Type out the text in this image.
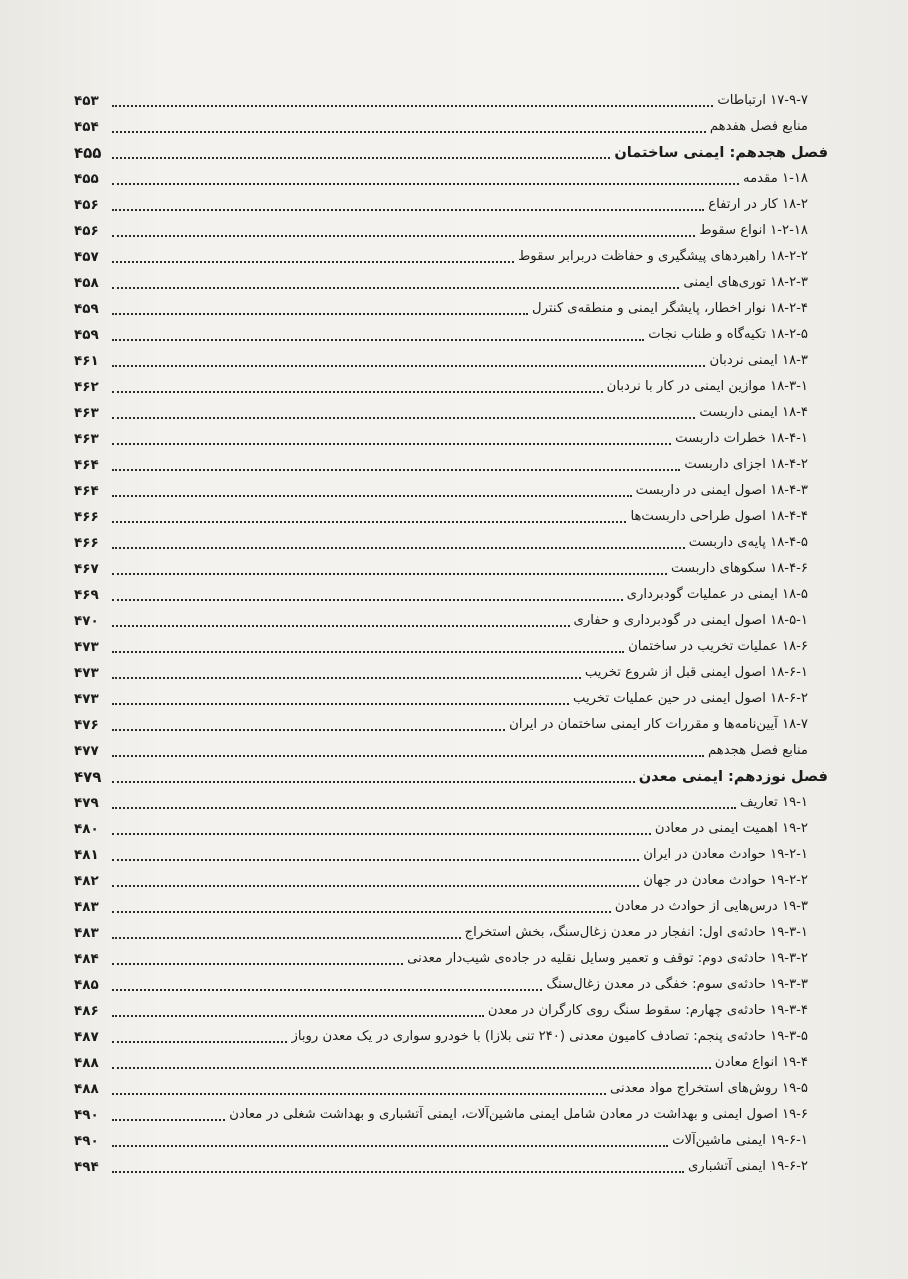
۱۷-۹-۷ ارتباطات
۴۵۳
منابع فصل هفدهم
۴۵۴
فصل هجدهم: ایمنی ساختمان
۴۵۵
۱-۱۸ مقدمه
۴۵۵
۱۸-۲ کار در ارتفاع
۴۵۶
۱-۲-۱۸ انواع سقوط
۴۵۶
۱۸-۲-۲ راهبردهای پیشگیری و حفاظت دربرابر سقوط
۴۵۷
۱۸-۲-۳ توری‌های ایمنی
۴۵۸
۱۸-۲-۴ نوار اخطار، پایشگر ایمنی و منطقه‌ی کنترل
۴۵۹
۱۸-۲-۵ تکیه‌گاه و طناب نجات
۴۵۹
۱۸-۳ ایمنی نردبان
۴۶۱
۱۸-۳-۱ موازین ایمنی در کار با نردبان
۴۶۲
۱۸-۴ ایمنی داربست
۴۶۳
۱۸-۴-۱ خطرات داربست
۴۶۳
۱۸-۴-۲ اجزای داربست
۴۶۴
۱۸-۴-۳ اصول ایمنی در داربست
۴۶۴
۱۸-۴-۴ اصول طراحی داربست‌ها
۴۶۶
۱۸-۴-۵ پایه‌ی داربست
۴۶۶
۱۸-۴-۶ سکوهای داربست
۴۶۷
۱۸-۵ ایمنی در عملیات گودبرداری
۴۶۹
۱۸-۵-۱ اصول ایمنی در گودبرداری و حفاری
۴۷۰
۱۸-۶ عملیات تخریب در ساختمان
۴۷۳
۱۸-۶-۱ اصول ایمنی قبل از شروع تخریب
۴۷۳
۱۸-۶-۲ اصول ایمنی در حین عملیات تخریب
۴۷۳
۱۸-۷ آیین‌نامه‌ها و مقررات کار ایمنی ساختمان در ایران
۴۷۶
منابع فصل هجدهم
۴۷۷
فصل نوزدهم: ایمنی معدن
۴۷۹
۱۹-۱ تعاریف
۴۷۹
۱۹-۲ اهمیت ایمنی در معادن
۴۸۰
۱۹-۲-۱ حوادث معادن در ایران
۴۸۱
۱۹-۲-۲ حوادث معادن در جهان
۴۸۲
۱۹-۳ درس‌هایی از حوادث در معادن
۴۸۳
۱۹-۳-۱ حادثه‌ی اول: انفجار در معدن زغال‌سنگ، بخش استخراج
۴۸۳
۱۹-۳-۲ حادثه‌ی دوم: توقف و تعمیر وسایل نقلیه در جاده‌ی شیب‌دار معدنی
۴۸۴
۱۹-۳-۳ حادثه‌ی سوم: خفگی در معدن زغال‌سنگ
۴۸۵
۱۹-۳-۴ حادثه‌ی چهارم: سقوط سنگ روی کارگران در معدن
۴۸۶
۱۹-۳-۵ حادثه‌ی پنجم: تصادف کامیون معدنی (۲۴۰ تنی بلازا) با خودرو سواری در یک معدن روباز
۴۸۷
۱۹-۴ انواع معادن
۴۸۸
۱۹-۵ روش‌های استخراج مواد معدنی
۴۸۸
۱۹-۶ اصول ایمنی و بهداشت در معادن شامل ایمنی ماشین‌آلات، ایمنی آتشباری و بهداشت شغلی در معادن
۴۹۰
۱۹-۶-۱ ایمنی ماشین‌آلات
۴۹۰
۱۹-۶-۲ ایمنی آتشباری
۴۹۴
